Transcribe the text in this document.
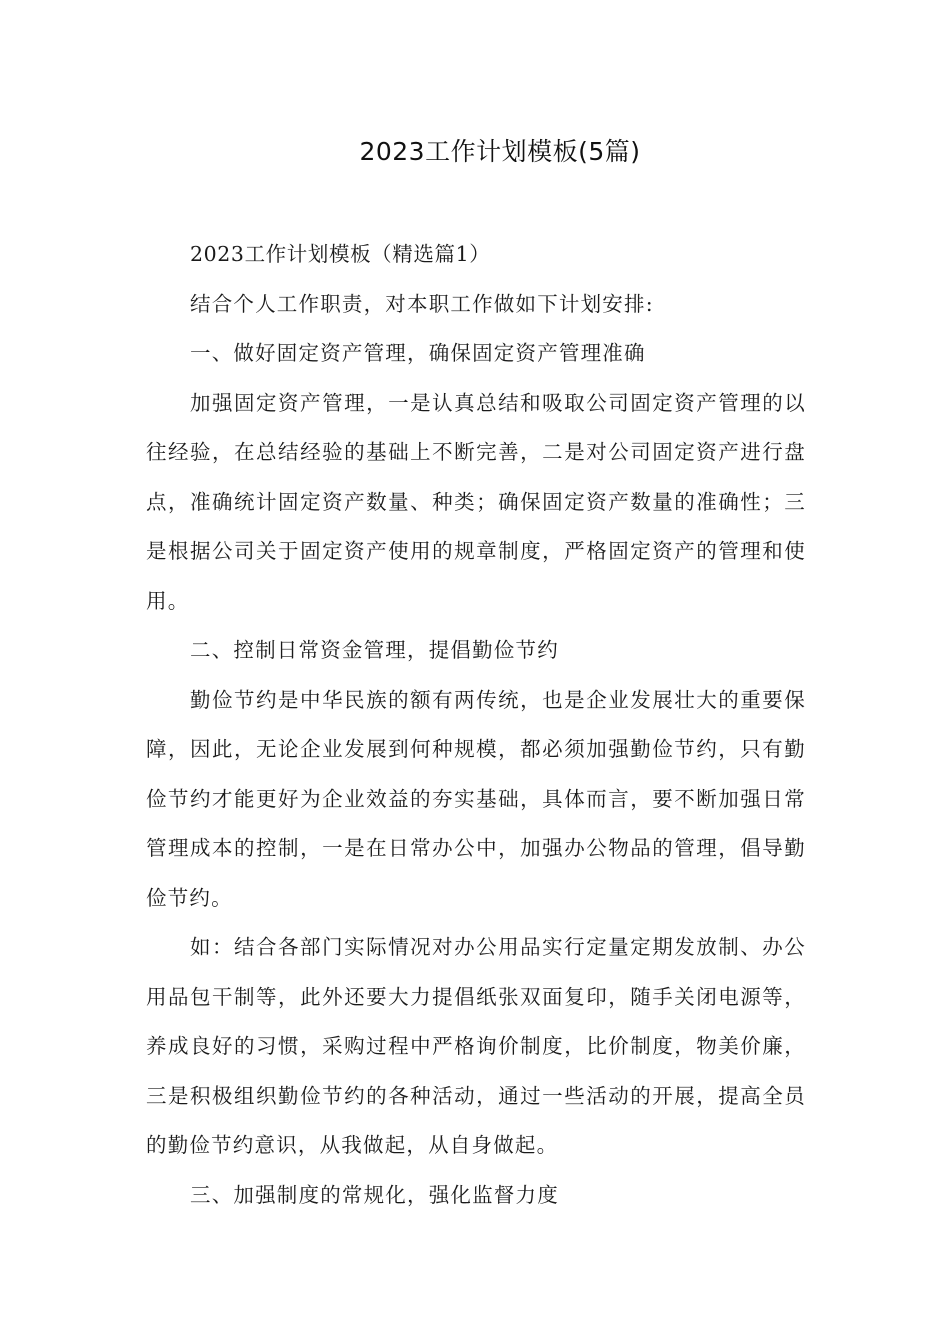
2023工作计划模板(5篇)

2023工作计划模板（精选篇1）

结合个人工作职责，对本职工作做如下计划安排:

一、做好固定资产管理，确保固定资产管理准确

加强固定资产管理，一是认真总结和吸取公司固定资产管理的以往经验，在总结经验的基础上不断完善，二是对公司固定资产进行盘点，准确统计固定资产数量、种类；确保固定资产数量的准确性；三是根据公司关于固定资产使用的规章制度，严格固定资产的管理和使用。

二、控制日常资金管理，提倡勤俭节约

勤俭节约是中华民族的额有两传统，也是企业发展壮大的重要保障，因此，无论企业发展到何种规模，都必须加强勤俭节约，只有勤俭节约才能更好为企业效益的夯实基础，具体而言，要不断加强日常管理成本的控制，一是在日常办公中，加强办公物品的管理，倡导勤俭节约。

如：结合各部门实际情况对办公用品实行定量定期发放制、办公用品包干制等，此外还要大力提倡纸张双面复印，随手关闭电源等，养成良好的习惯，采购过程中严格询价制度，比价制度，物美价廉，三是积极组织勤俭节约的各种活动，通过一些活动的开展，提高全员的勤俭节约意识，从我做起，从自身做起。

三、加强制度的常规化，强化监督力度
